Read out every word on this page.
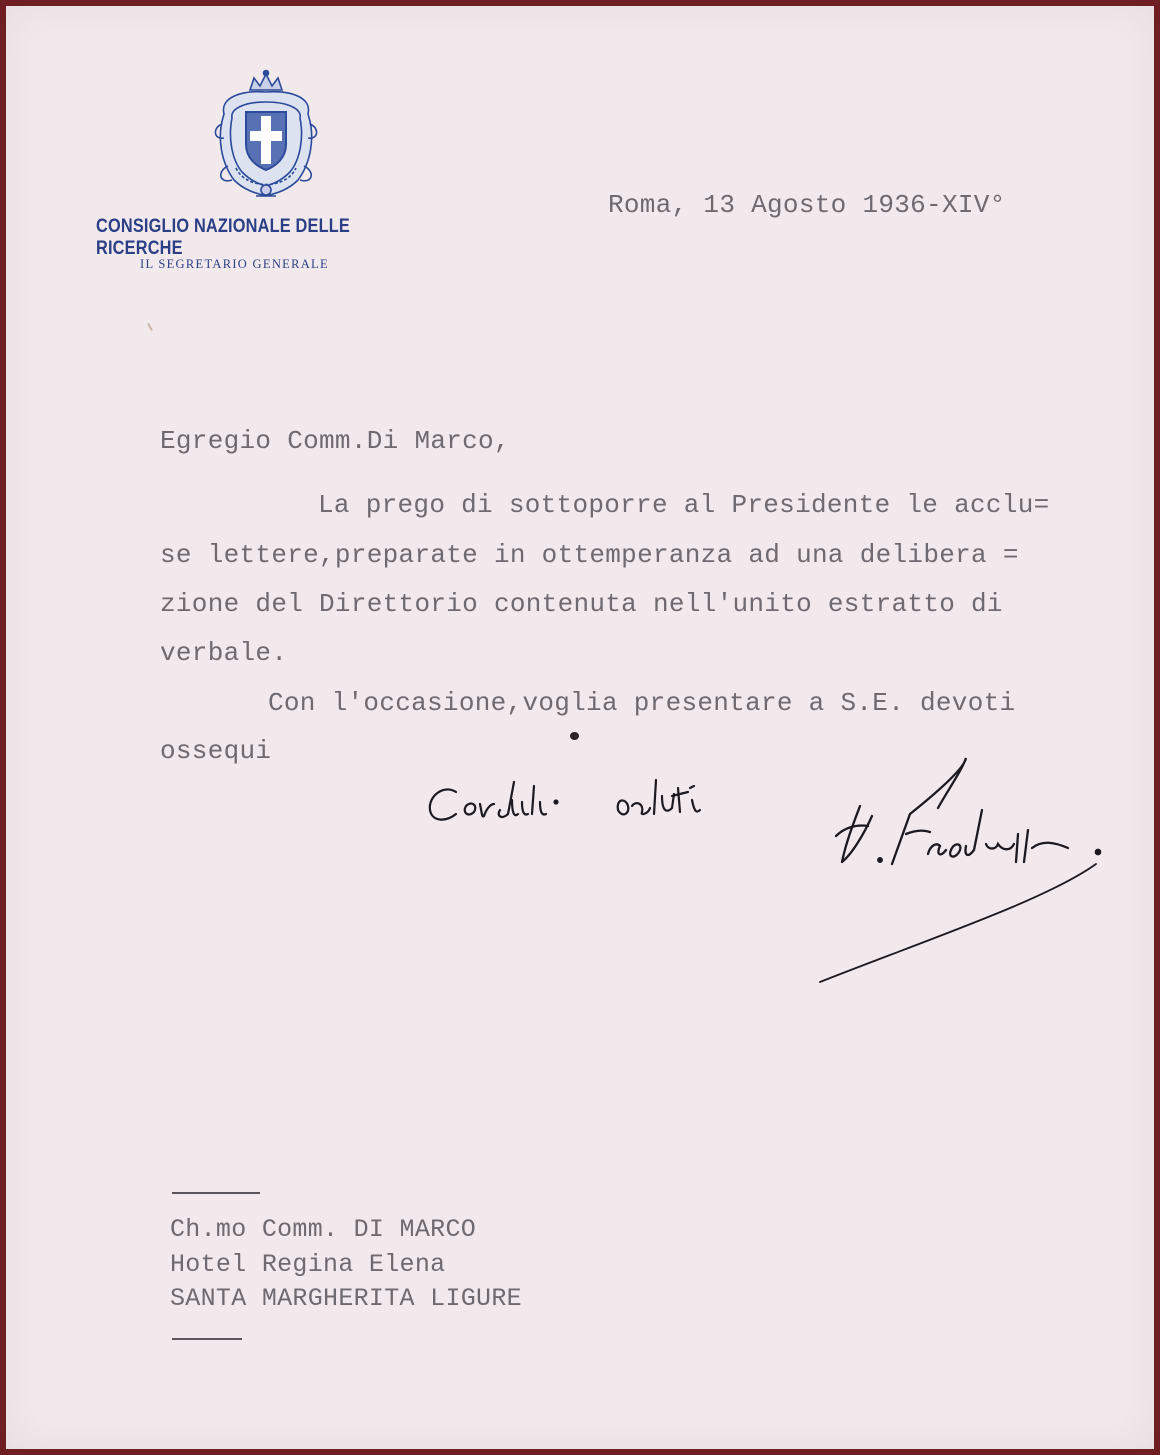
CONSIGLIO NAZIONALE DELLE RICERCHE
IL SEGRETARIO GENERALE
Roma, 13 Agosto 1936-XIV°
Egregio Comm.Di Marco,
La prego di sottoporre al Presidente le acclu=
se lettere,preparate in ottemperanza ad una delibera =
zione del Direttorio contenuta nell'unito estratto di
verbale.
Con l'occasione,voglia presentare a S.E. devoti
ossequi
Ch.mo Comm. DI MARCO
Hotel Regina Elena
SANTA MARGHERITA LIGURE
